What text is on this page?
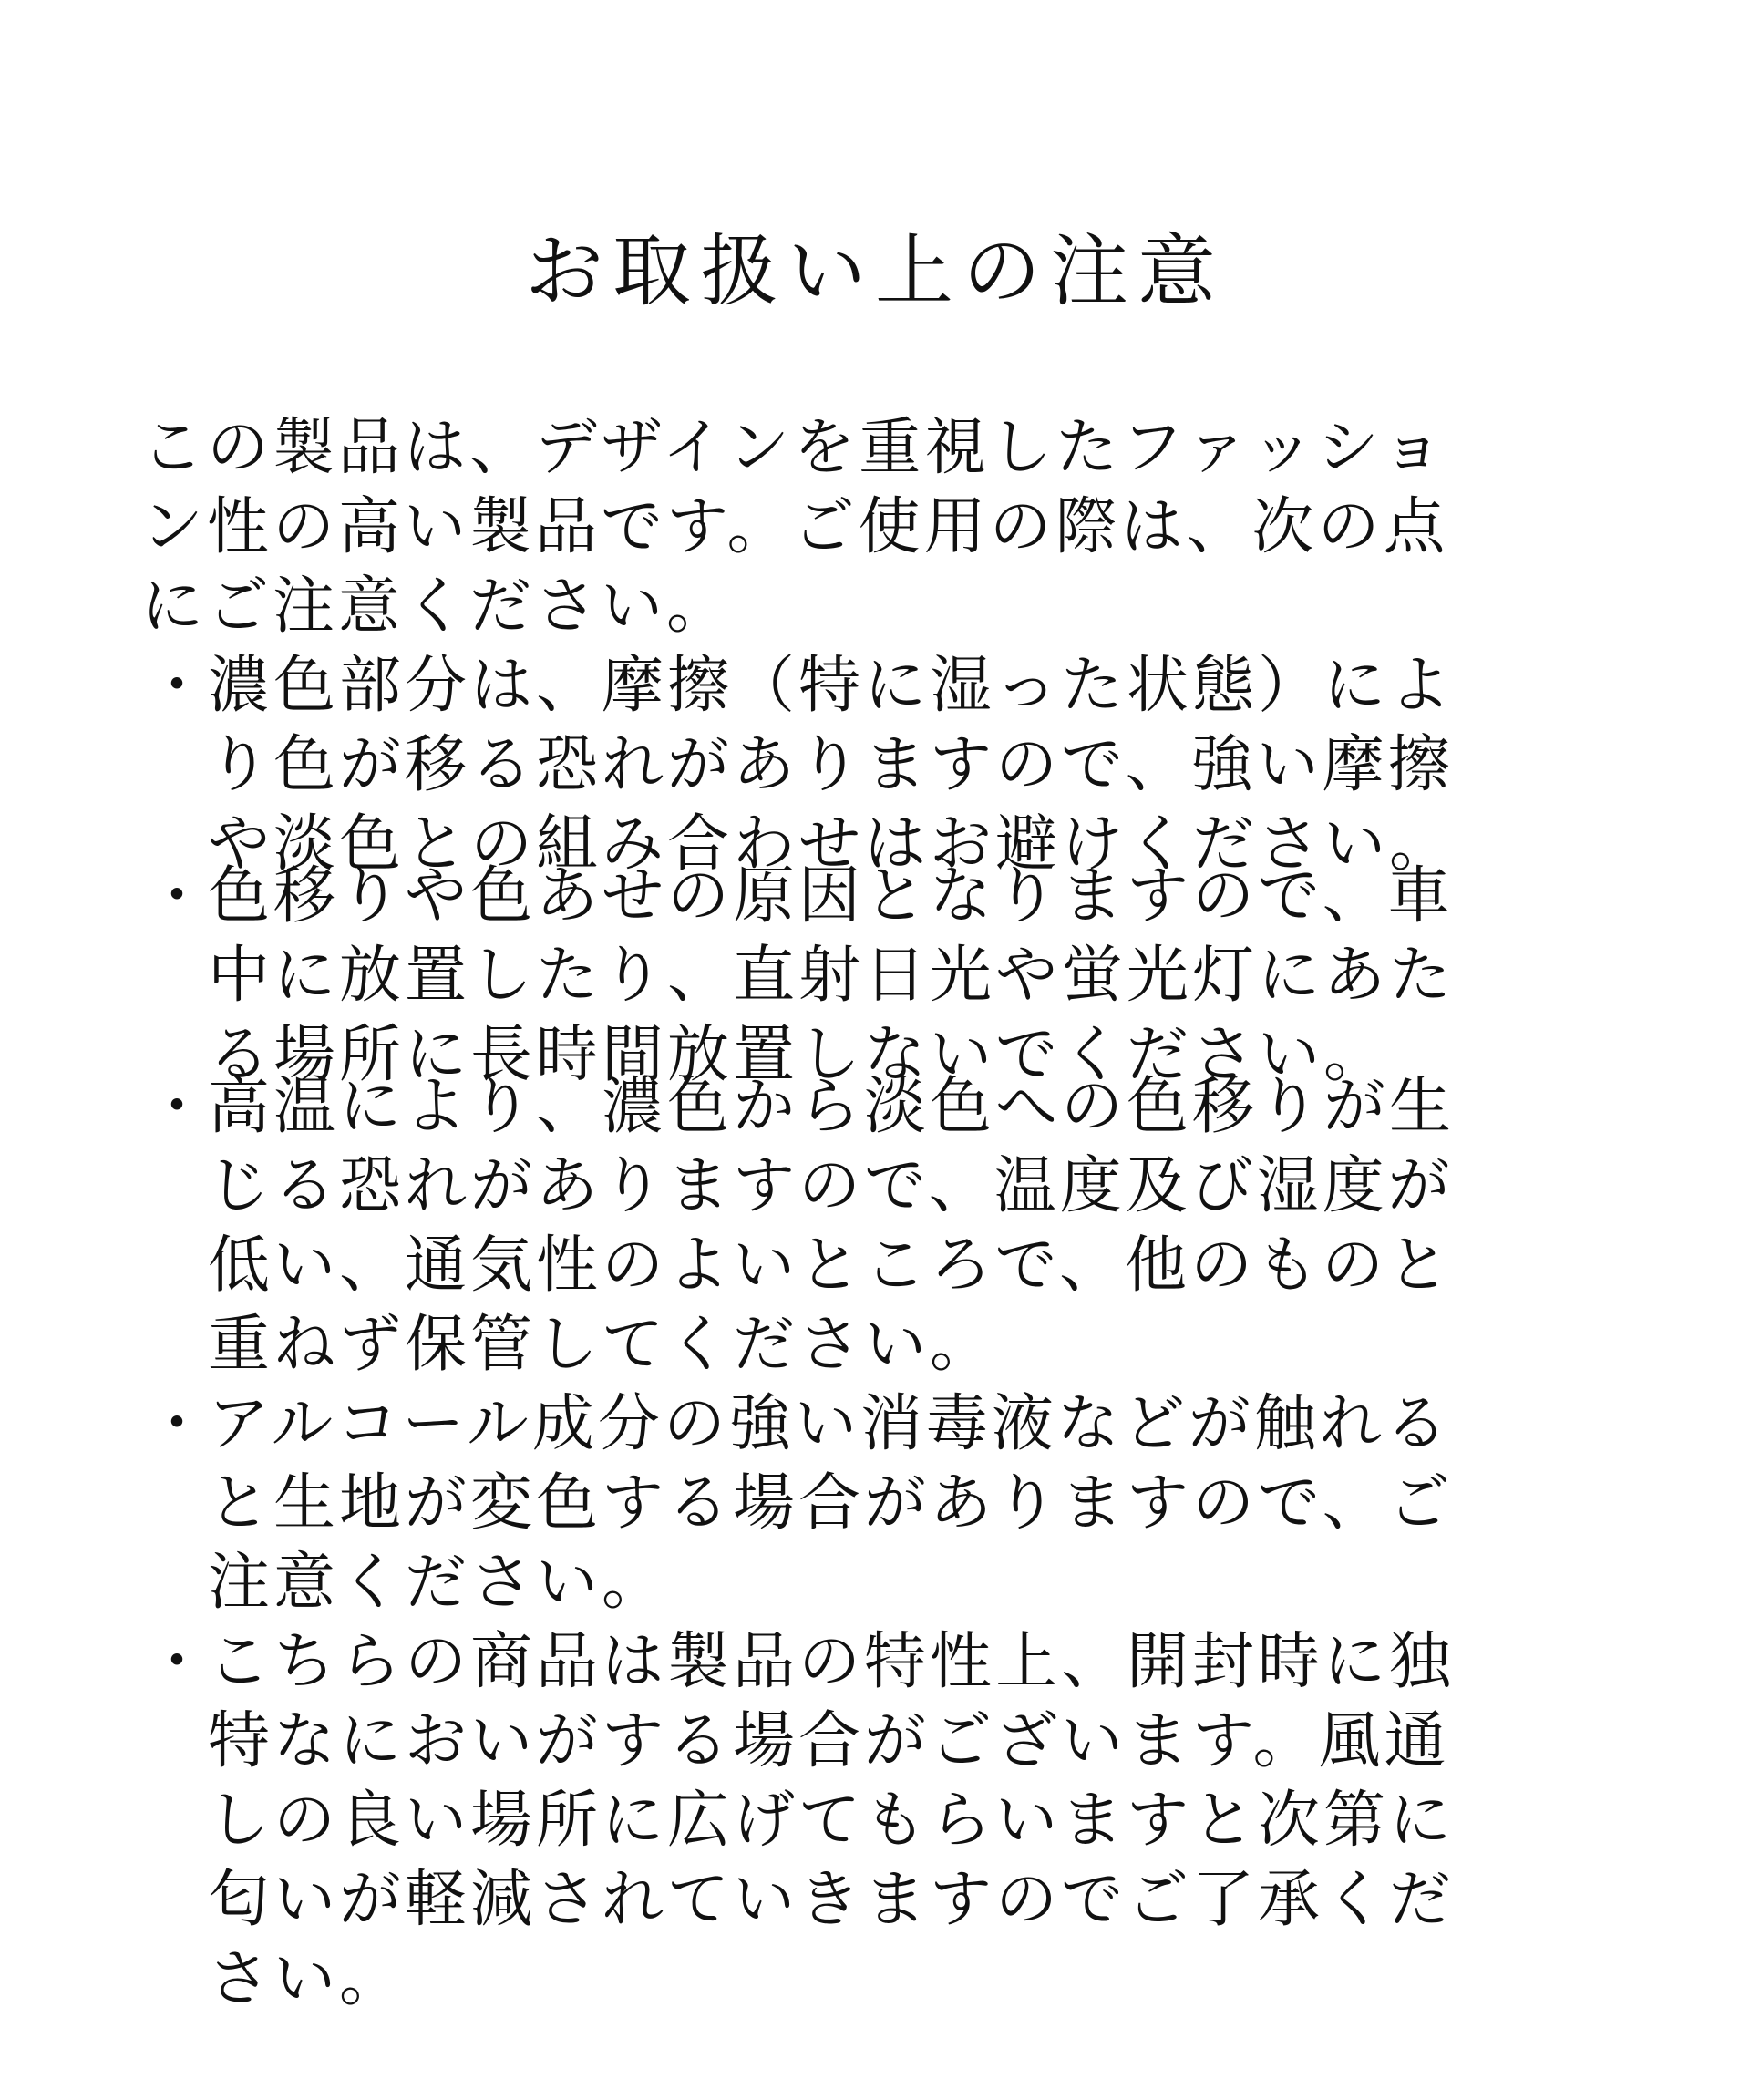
お取扱い上の注意
この製品は、デザインを重視したファッショ
ン性の高い製品です。ご使用の際は、次の点
にご注意ください。
・ 濃色部分は、摩擦（特に湿った状態）によ
り色が移る恐れがありますので、強い摩擦
や淡色との組み合わせはお避けください。
・ 色移りや色あせの原因となりますので、車
中に放置したり、直射日光や蛍光灯にあた
る場所に長時間放置しないでください。
・ 高温により、濃色から淡色への色移りが生
じる恐れがありますので、温度及び湿度が
低い、通気性のよいところで、他のものと
重ねず保管してください。
・ アルコール成分の強い消毒液などが触れる
と生地が変色する場合がありますので、ご
注意ください。
・ こちらの商品は製品の特性上、開封時に独
特なにおいがする場合がございます。風通
しの良い場所に広げてもらいますと次第に
匂いが軽減されていきますのでご了承くだ
さい。
